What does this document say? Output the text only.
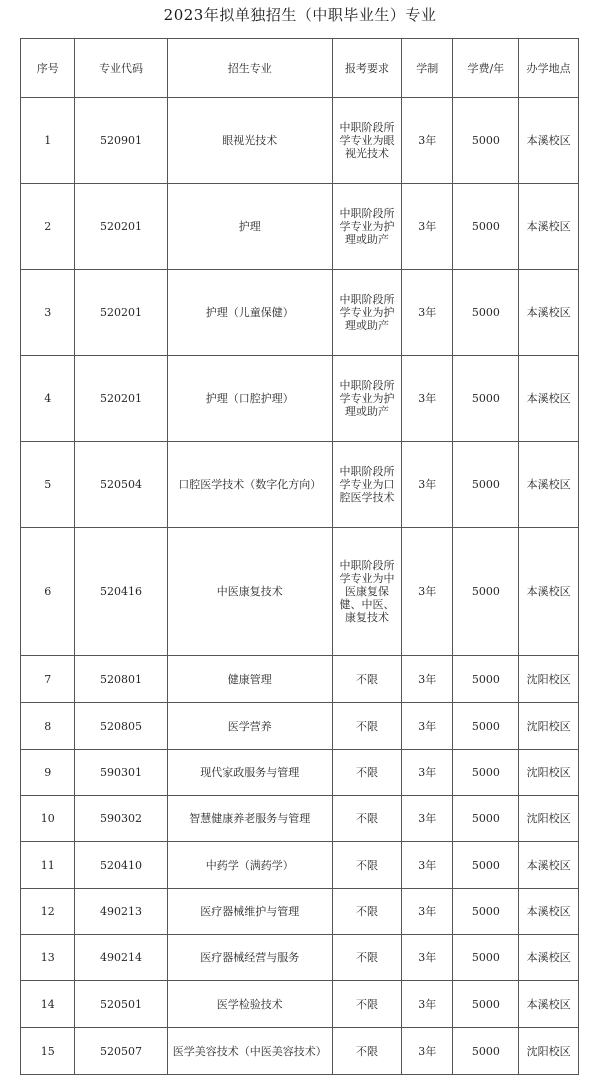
2023年拟单独招生（中职毕业生）专业
序号	专业代码	招生专业	报考要求	学制	学费/年	办学地点
1	520901	眼视光技术	中职阶段所学专业为眼视光技术	3年	5000	本溪校区
2	520201	护理	中职阶段所学专业为护理或助产	3年	5000	本溪校区
3	520201	护理（儿童保健）	中职阶段所学专业为护理或助产	3年	5000	本溪校区
4	520201	护理（口腔护理）	中职阶段所学专业为护理或助产	3年	5000	本溪校区
5	520504	口腔医学技术（数字化方向）	中职阶段所学专业为口腔医学技术	3年	5000	本溪校区
6	520416	中医康复技术	中职阶段所学专业为中医康复保健、中医、康复技术	3年	5000	本溪校区
7	520801	健康管理	不限	3年	5000	沈阳校区
8	520805	医学营养	不限	3年	5000	沈阳校区
9	590301	现代家政服务与管理	不限	3年	5000	沈阳校区
10	590302	智慧健康养老服务与管理	不限	3年	5000	沈阳校区
11	520410	中药学（满药学）	不限	3年	5000	本溪校区
12	490213	医疗器械维护与管理	不限	3年	5000	本溪校区
13	490214	医疗器械经营与服务	不限	3年	5000	本溪校区
14	520501	医学检验技术	不限	3年	5000	本溪校区
15	520507	医学美容技术（中医美容技术）	不限	3年	5000	沈阳校区
